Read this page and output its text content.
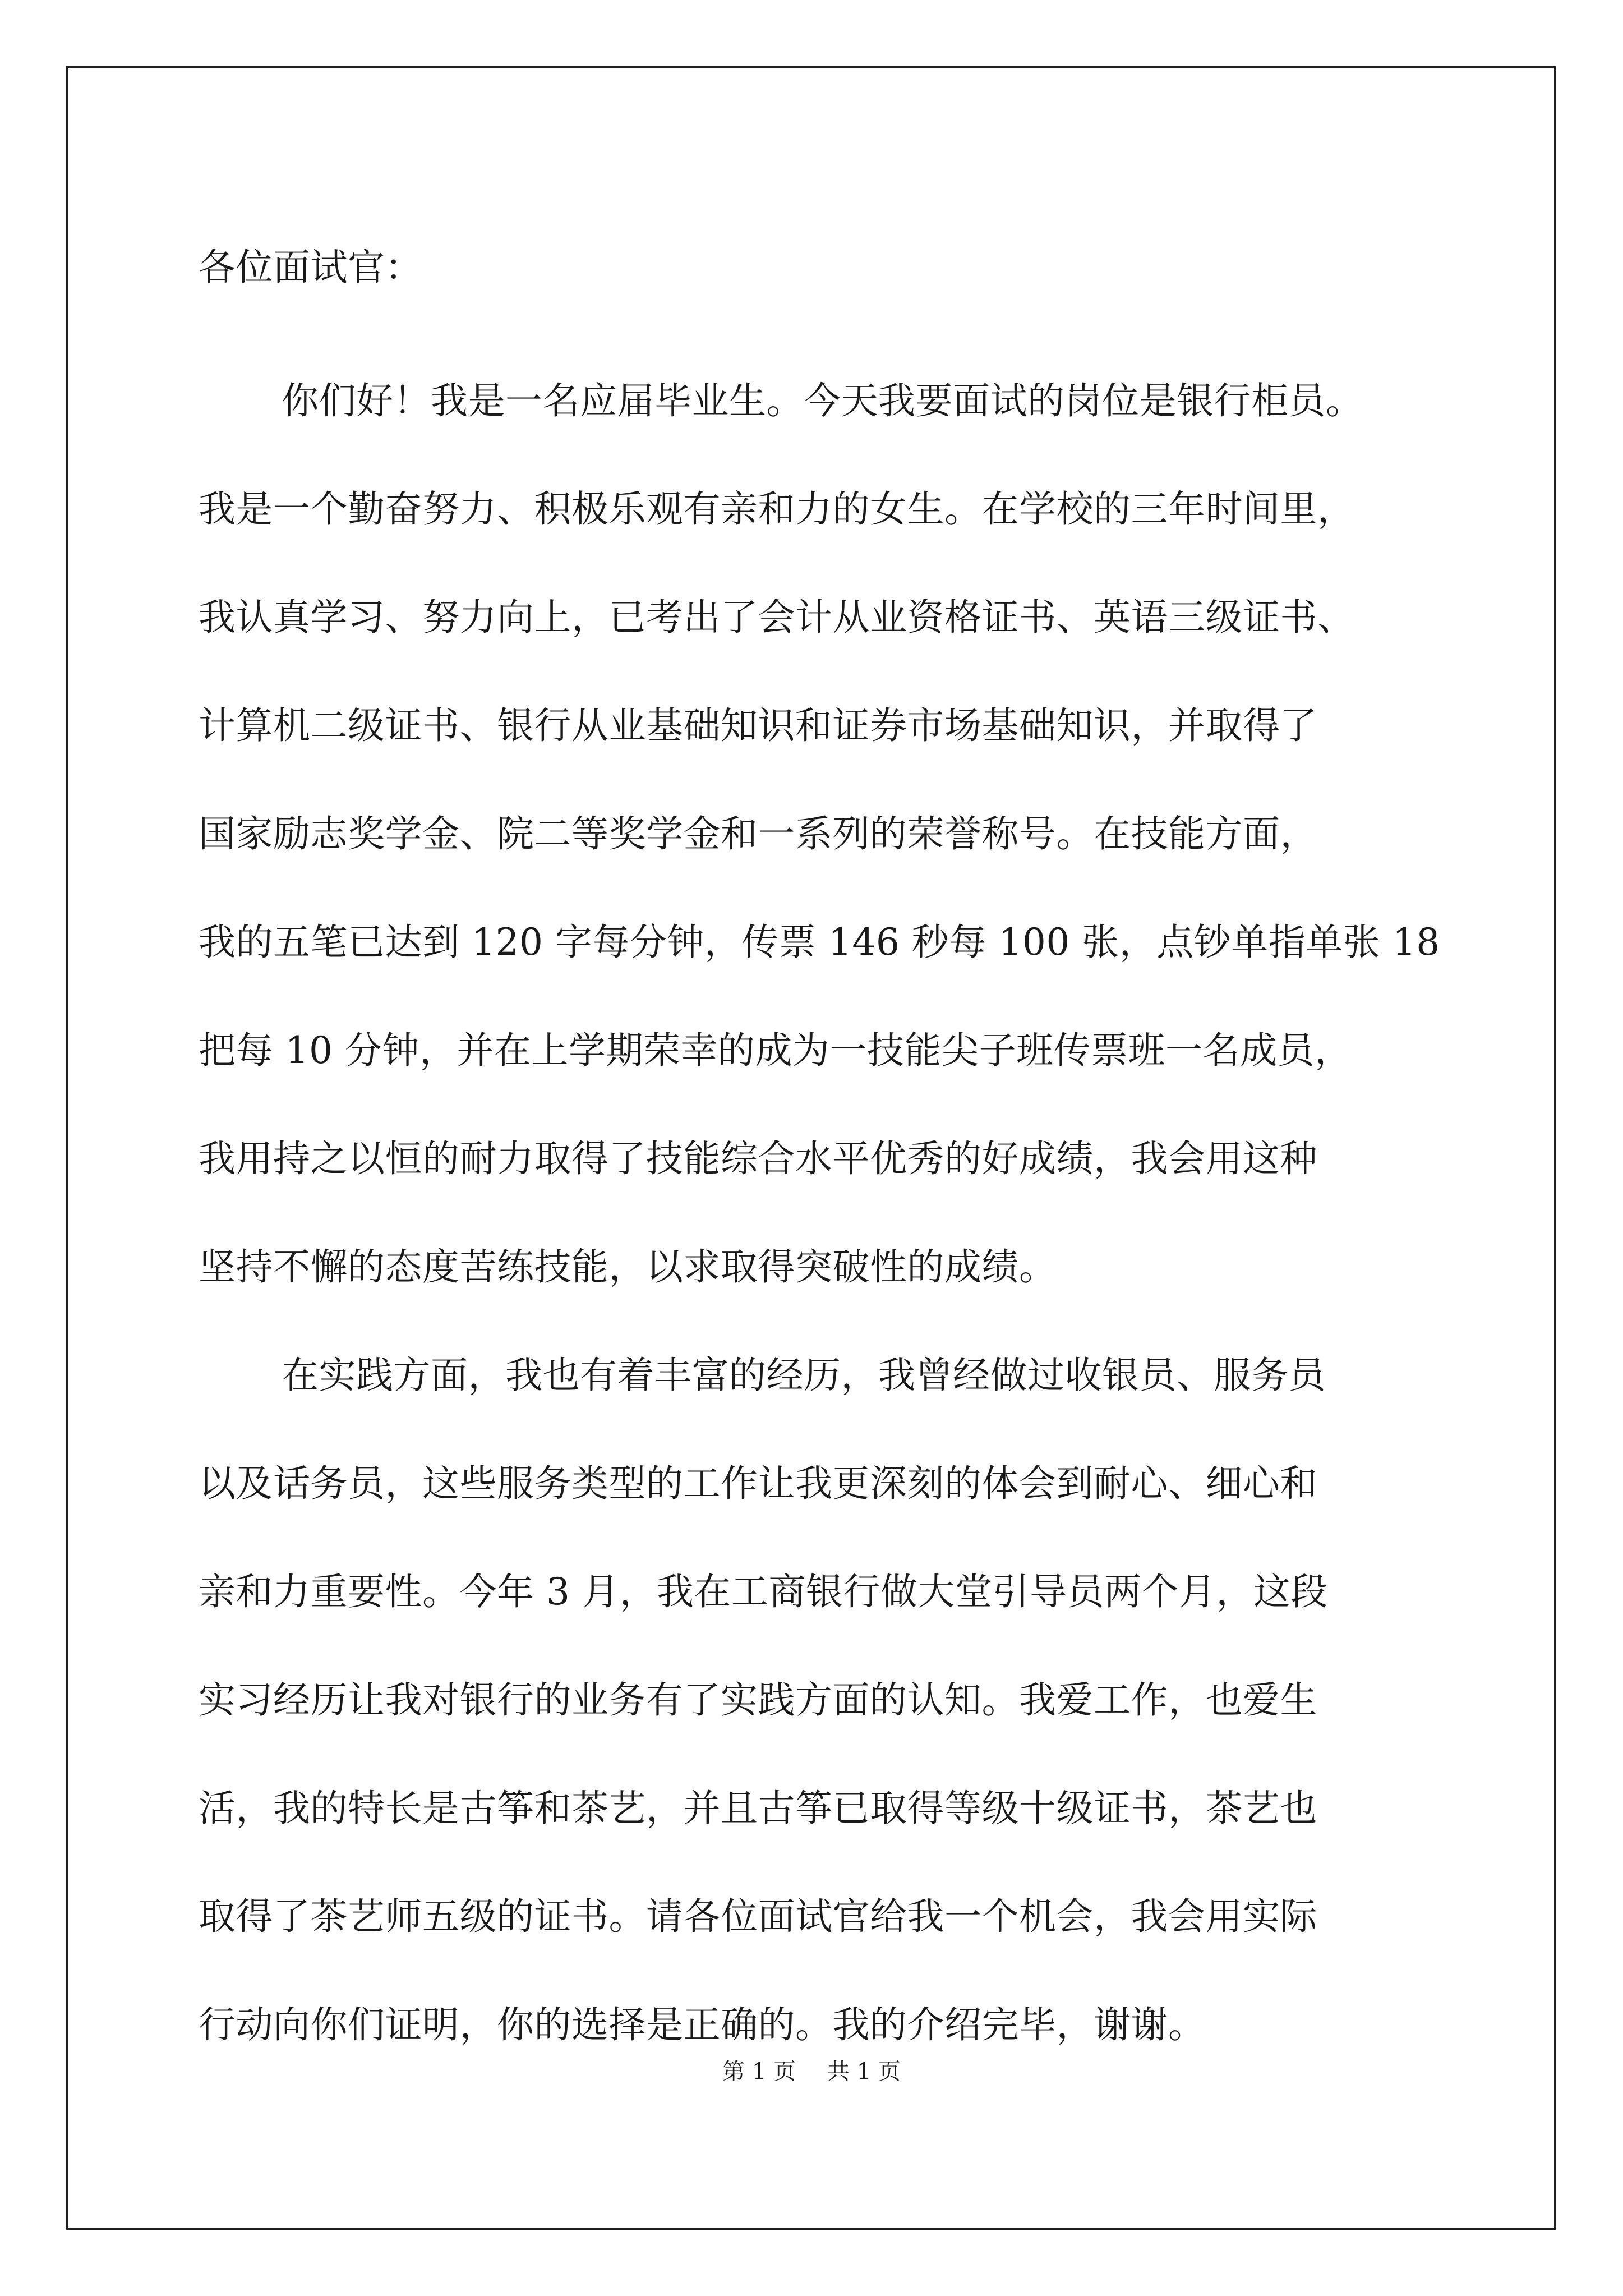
各位面试官：
你们好！我是一名应届毕业生。今天我要面试的岗位是银行柜员。
我是一个勤奋努力、积极乐观有亲和力的女生。在学校的三年时间里，
我认真学习、努力向上，已考出了会计从业资格证书、英语三级证书、
计算机二级证书、银行从业基础知识和证券市场基础知识，并取得了
国家励志奖学金、院二等奖学金和一系列的荣誉称号。在技能方面，
我的五笔已达到 120 字每分钟，传票 146 秒每 100 张，点钞单指单张 18
把每 10 分钟，并在上学期荣幸的成为一技能尖子班传票班一名成员，
我用持之以恒的耐力取得了技能综合水平优秀的好成绩，我会用这种
坚持不懈的态度苦练技能，以求取得突破性的成绩。
在实践方面，我也有着丰富的经历，我曾经做过收银员、服务员
以及话务员，这些服务类型的工作让我更深刻的体会到耐心、细心和
亲和力重要性。今年 3 月，我在工商银行做大堂引导员两个月，这段
实习经历让我对银行的业务有了实践方面的认知。我爱工作，也爱生
活，我的特长是古筝和茶艺，并且古筝已取得等级十级证书，茶艺也
取得了茶艺师五级的证书。请各位面试官给我一个机会，我会用实际
行动向你们证明，你的选择是正确的。我的介绍完毕，谢谢。
第 1 页 共 1 页
